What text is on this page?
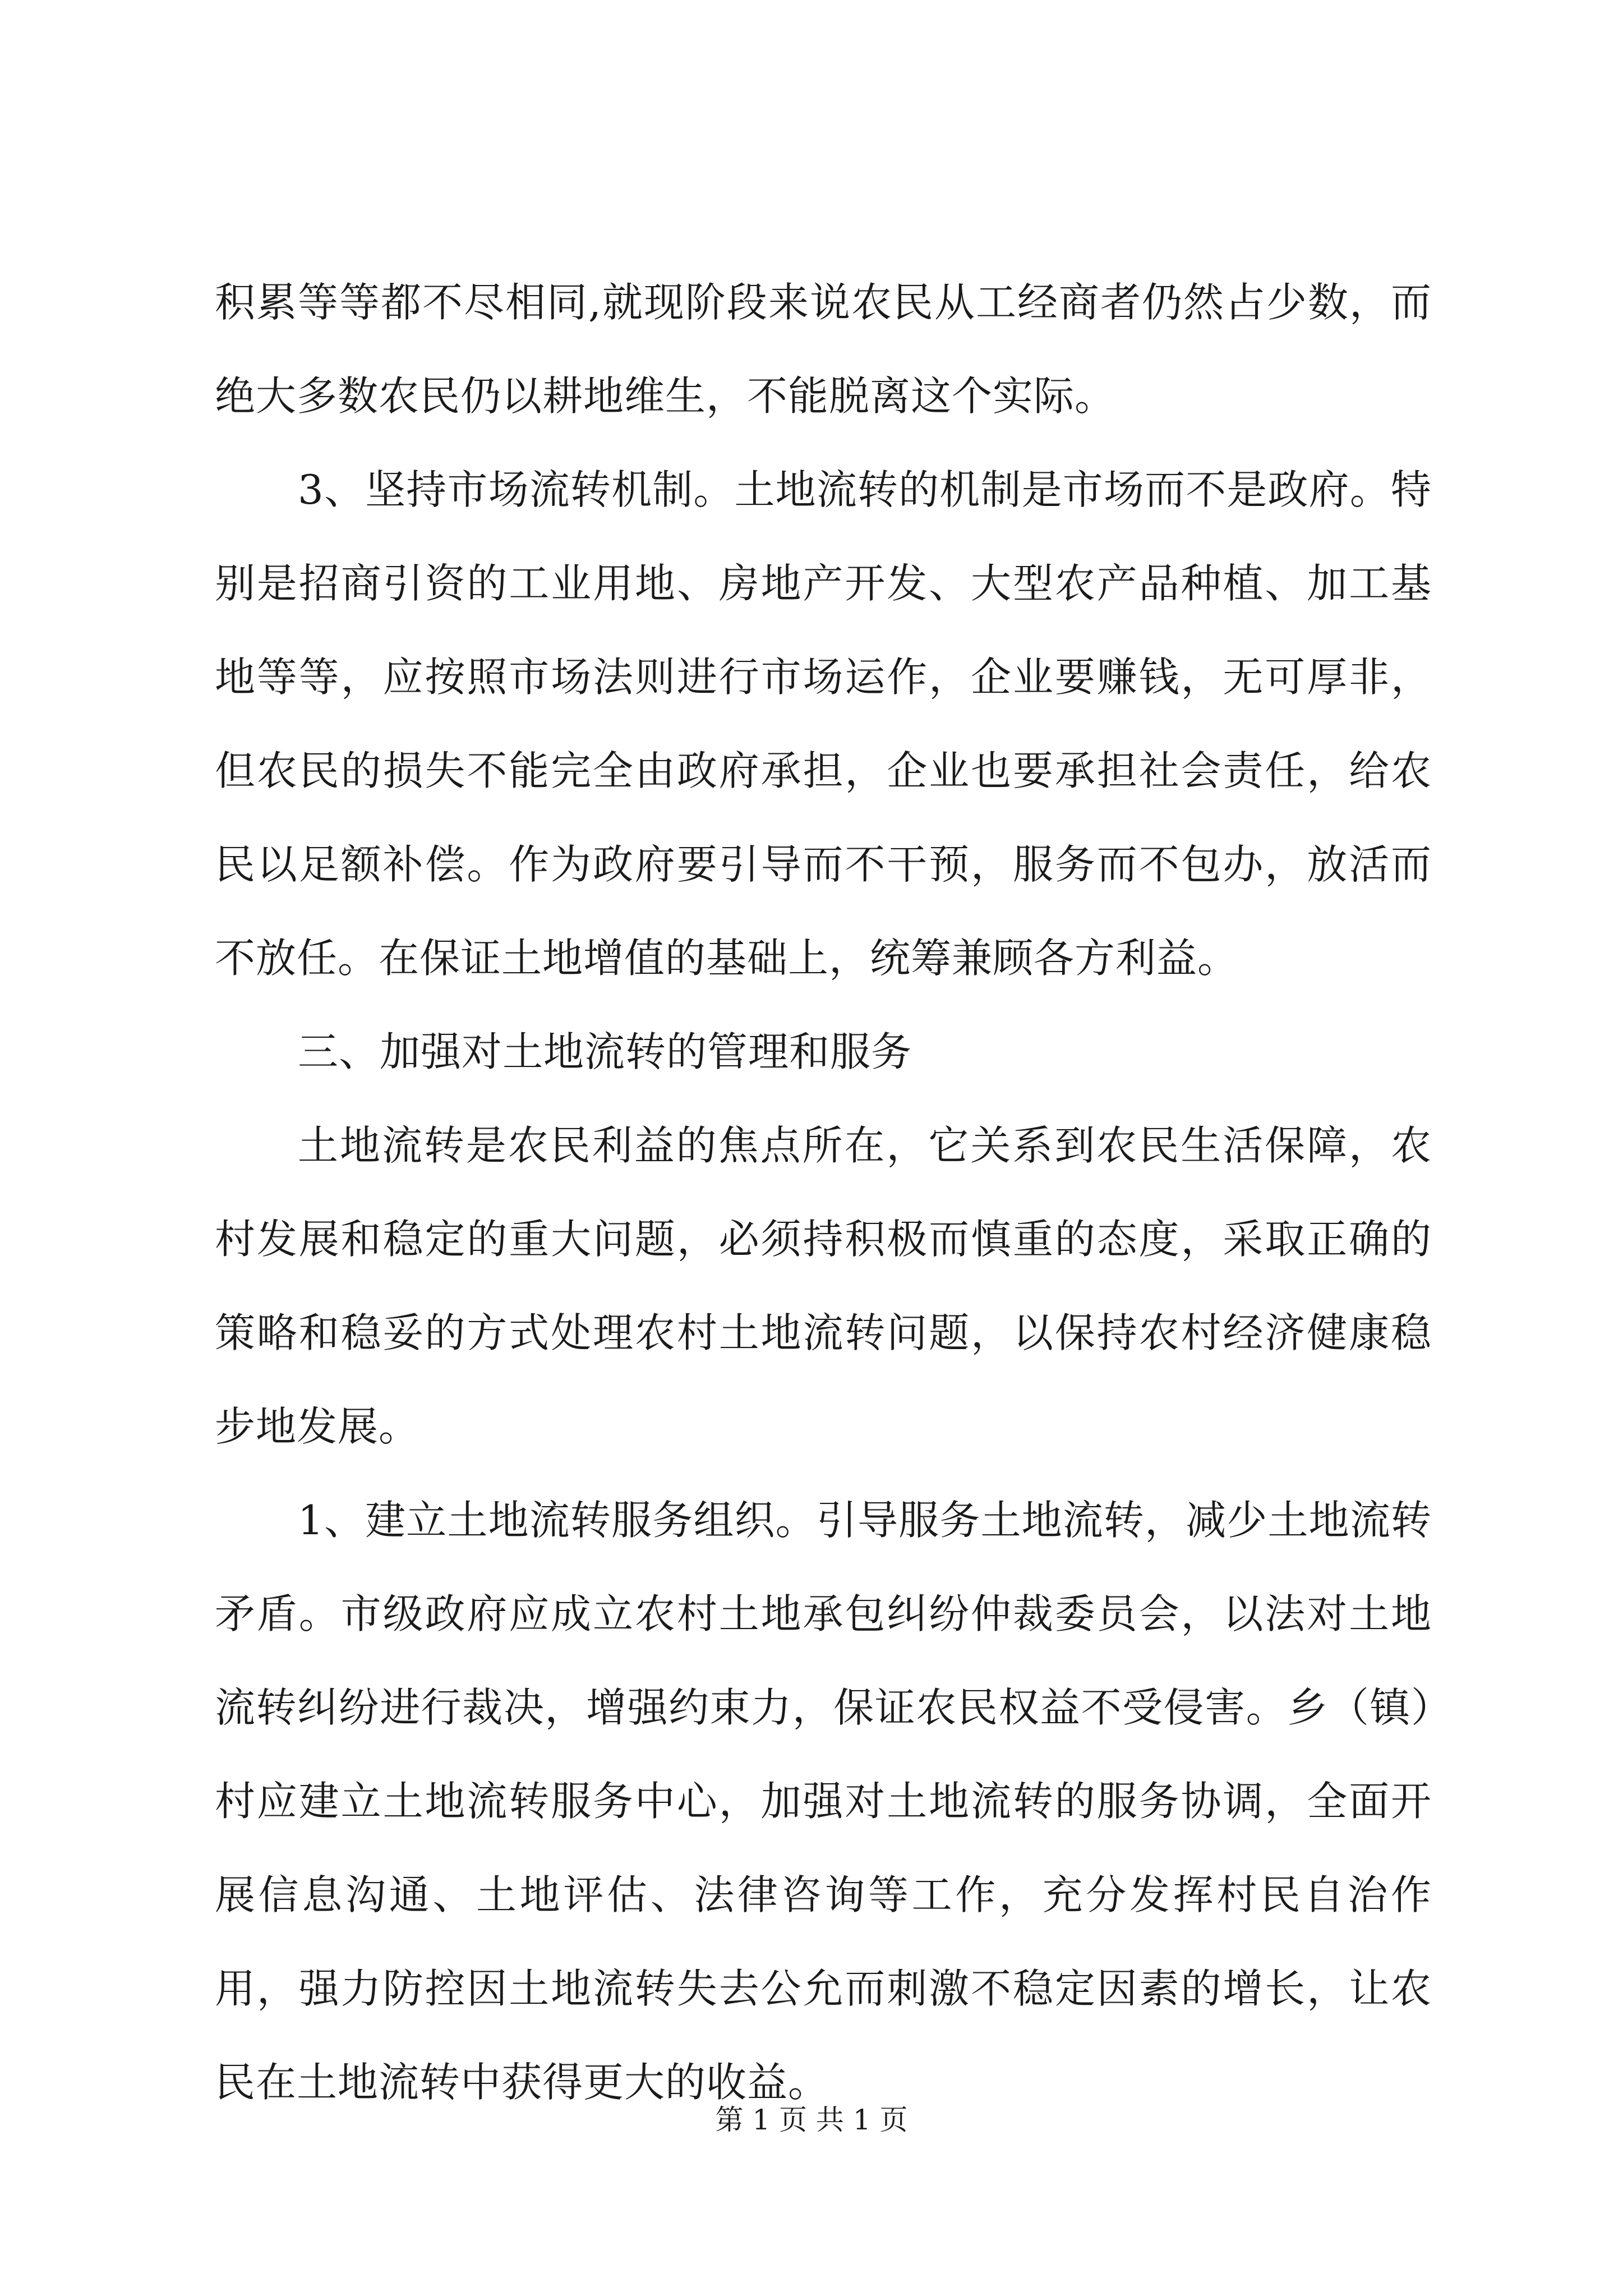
积累等等都不尽相同,就现阶段来说农民从工经商者仍然占少数，而绝大多数农民仍以耕地维生，不能脱离这个实际。

3、坚持市场流转机制。土地流转的机制是市场而不是政府。特别是招商引资的工业用地、房地产开发、大型农产品种植、加工基地等等，应按照市场法则进行市场运作，企业要赚钱，无可厚非，但农民的损失不能完全由政府承担，企业也要承担社会责任，给农民以足额补偿。作为政府要引导而不干预，服务而不包办，放活而不放任。在保证土地增值的基础上，统筹兼顾各方利益。

三、加强对土地流转的管理和服务

土地流转是农民利益的焦点所在，它关系到农民生活保障，农村发展和稳定的重大问题，必须持积极而慎重的态度，采取正确的策略和稳妥的方式处理农村土地流转问题，以保持农村经济健康稳步地发展。

1、建立土地流转服务组织。引导服务土地流转，减少土地流转矛盾。市级政府应成立农村土地承包纠纷仲裁委员会，以法对土地流转纠纷进行裁决，增强约束力，保证农民权益不受侵害。乡（镇）村应建立土地流转服务中心，加强对土地流转的服务协调，全面开展信息沟通、土地评估、法律咨询等工作，充分发挥村民自治作用，强力防控因土地流转失去公允而刺激不稳定因素的增长，让农民在土地流转中获得更大的收益。

第 1 页 共 1 页
